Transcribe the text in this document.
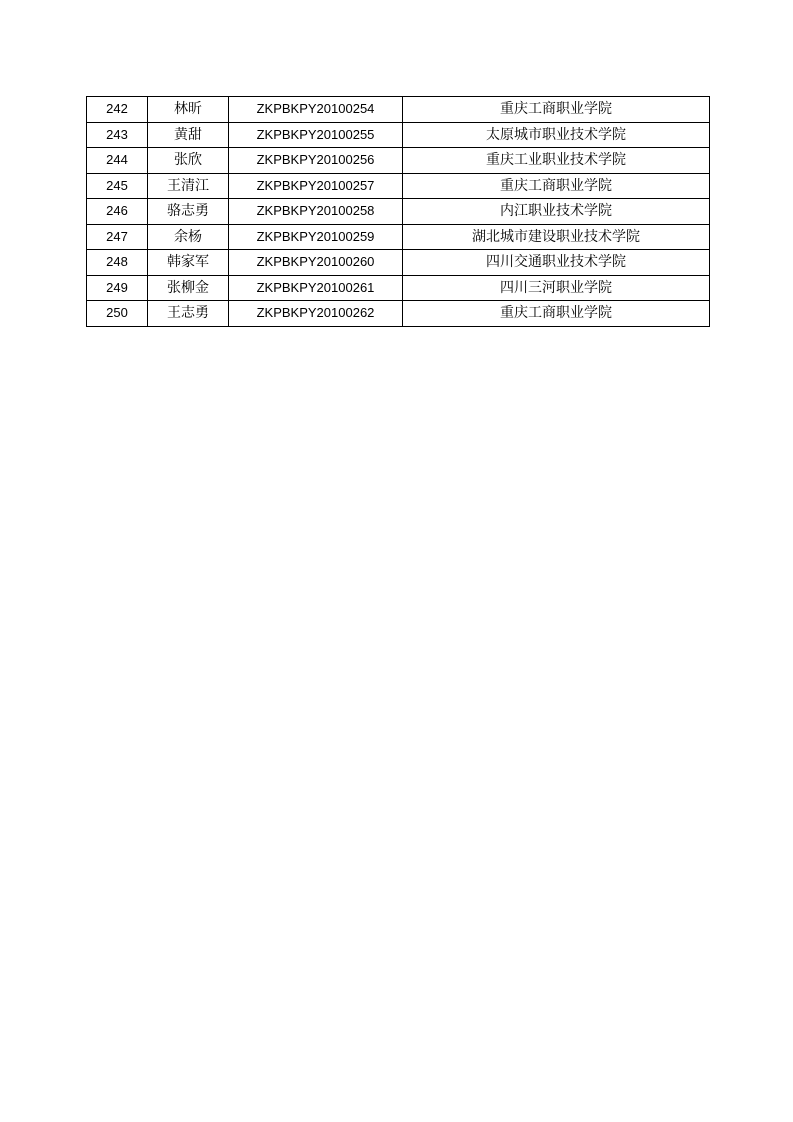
242	林昕	ZKPBKPY20100254	重庆工商职业学院
243	黄甜	ZKPBKPY20100255	太原城市职业技术学院
244	张欣	ZKPBKPY20100256	重庆工业职业技术学院
245	王清江	ZKPBKPY20100257	重庆工商职业学院
246	骆志勇	ZKPBKPY20100258	内江职业技术学院
247	余杨	ZKPBKPY20100259	湖北城市建设职业技术学院
248	韩家军	ZKPBKPY20100260	四川交通职业技术学院
249	张柳金	ZKPBKPY20100261	四川三河职业学院
250	王志勇	ZKPBKPY20100262	重庆工商职业学院
